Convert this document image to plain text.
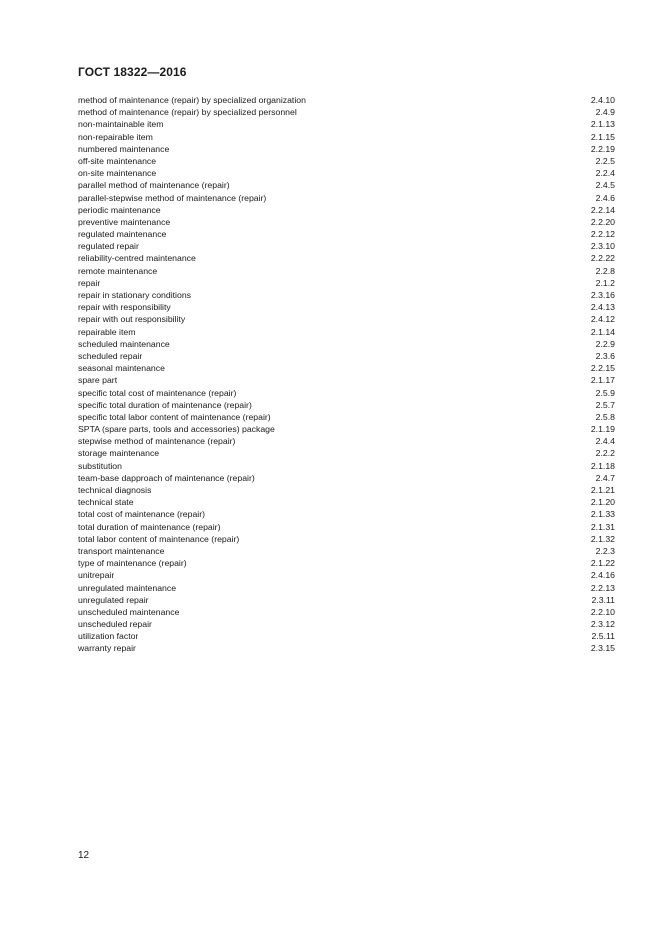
ГОСТ 18322—2016
method of maintenance (repair) by specialized organization	2.4.10
method of maintenance (repair) by specialized personnel	2.4.9
non-maintainable item	2.1.13
non-repairable item	2.1.15
numbered maintenance	2.2.19
off-site maintenance	2.2.5
on-site maintenance	2.2.4
parallel method of maintenance (repair)	2.4.5
parallel-stepwise method of maintenance (repair)	2.4.6
periodic maintenance	2.2.14
preventive maintenance	2.2.20
regulated maintenance	2.2.12
regulated repair	2.3.10
reliability-centred maintenance	2.2.22
remote maintenance	2.2.8
repair	2.1.2
repair in stationary conditions	2.3.16
repair with responsibility	2.4.13
repair with out responsibility	2.4.12
repairable item	2.1.14
scheduled maintenance	2.2.9
scheduled repair	2.3.6
seasonal maintenance	2.2.15
spare part	2.1.17
specific total cost of maintenance (repair)	2.5.9
specific total duration of maintenance (repair)	2.5.7
specific total labor content of maintenance (repair)	2.5.8
SPTA (spare parts, tools and accessories) package	2.1.19
stepwise method of maintenance (repair)	2.4.4
storage maintenance	2.2.2
substitution	2.1.18
team-base dapproach of maintenance (repair)	2.4.7
technical diagnosis	2.1.21
technical state	2.1.20
total cost of maintenance (repair)	2.1.33
total duration of maintenance (repair)	2.1.31
total labor content of maintenance (repair)	2.1.32
transport maintenance	2.2.3
type of maintenance (repair)	2.1.22
unitrepair	2.4.16
unregulated maintenance	2.2.13
unregulated repair	2.3.11
unscheduled maintenance	2.2.10
unscheduled repair	2.3.12
utilization factor	2.5.11
warranty repair	2.3.15
12
